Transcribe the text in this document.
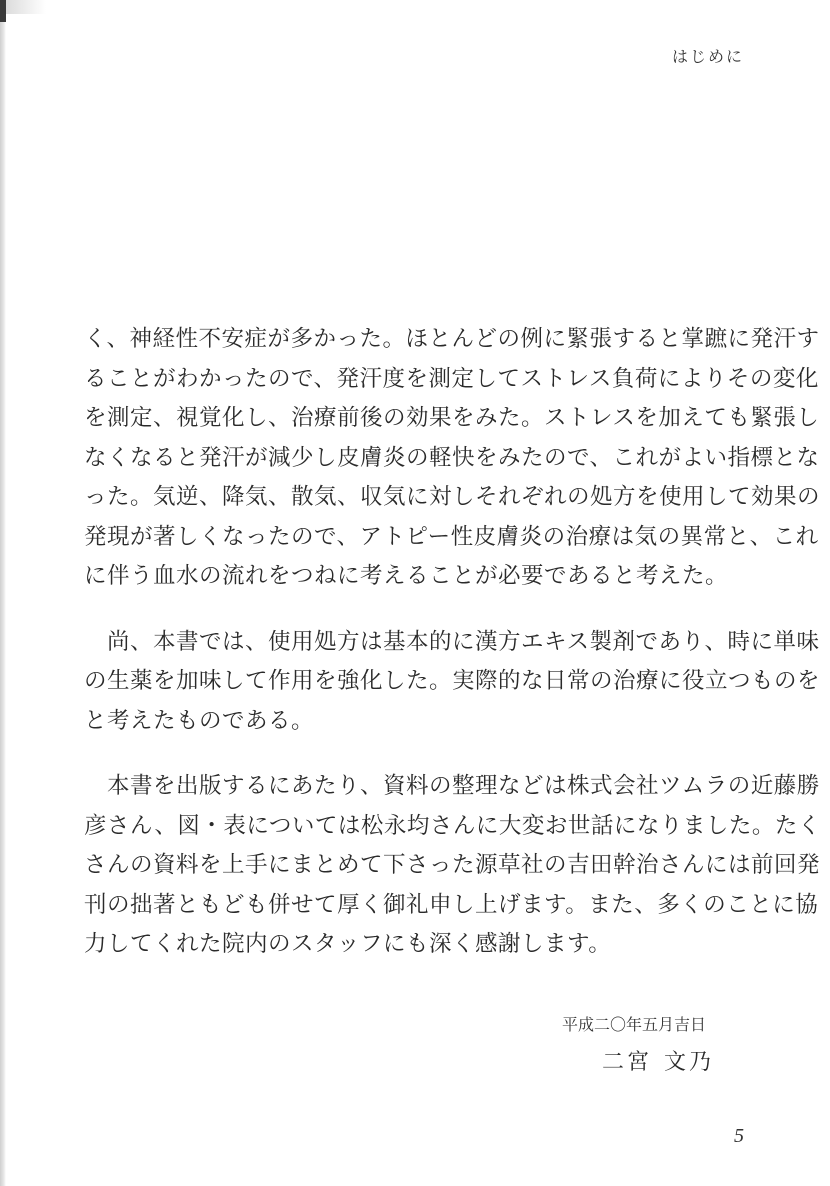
はじめに

く、神経性不安症が多かった。ほとんどの例に緊張すると掌蹠に発汗す
ることがわかったので、発汗度を測定してストレス負荷によりその変化
を測定、視覚化し、治療前後の効果をみた。ストレスを加えても緊張し
なくなると発汗が減少し皮膚炎の軽快をみたので、これがよい指標とな
った。気逆、降気、散気、収気に対しそれぞれの処方を使用して効果の
発現が著しくなったので、アトピー性皮膚炎の治療は気の異常と、これ
に伴う血水の流れをつねに考えることが必要であると考えた。

　尚、本書では、使用処方は基本的に漢方エキス製剤であり、時に単味
の生薬を加味して作用を強化した。実際的な日常の治療に役立つものを
と考えたものである。

　本書を出版するにあたり、資料の整理などは株式会社ツムラの近藤勝
彦さん、図・表については松永均さんに大変お世話になりました。たく
さんの資料を上手にまとめて下さった源草社の吉田幹治さんには前回発
刊の拙著ともども併せて厚く御礼申し上げます。また、多くのことに協
力してくれた院内のスタッフにも深く感謝します。

平成二〇年五月吉日
二宮 文乃
5
